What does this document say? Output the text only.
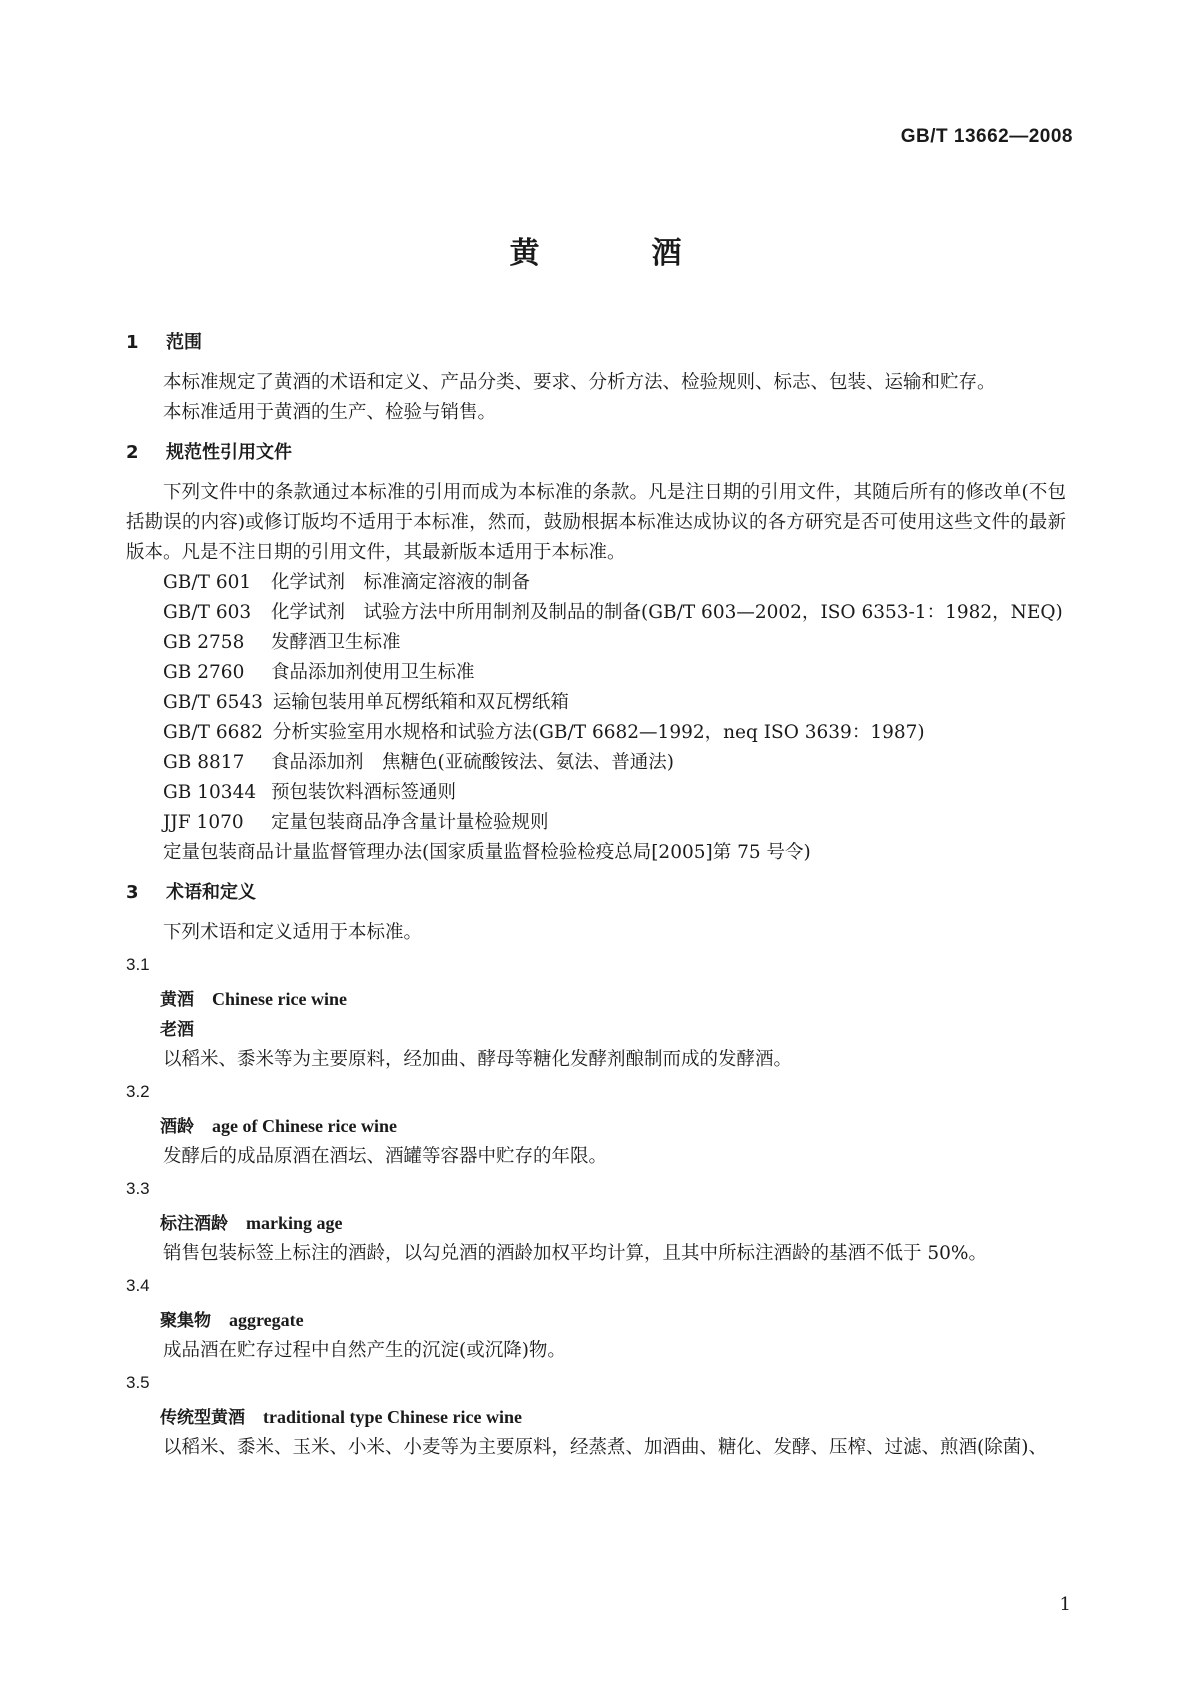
GB/T 13662—2008
黄	酒
1 范围

本标准规定了黄酒的术语和定义、产品分类、要求、分析方法、检验规则、标志、包装、运输和贮存。

本标准适用于黄酒的生产、检验与销售。

2 规范性引用文件

下列文件中的条款通过本标准的引用而成为本标准的条款。凡是注日期的引用文件，其随后所有的修改单(不包括勘误的内容)或修订版均不适用于本标准，然而，鼓励根据本标准达成协议的各方研究是否可使用这些文件的最新版本。凡是不注日期的引用文件，其最新版本适用于本标准。

GB/T 601 化学试剂　标准滴定溶液的制备

GB/T 603 化学试剂　试验方法中所用制剂及制品的制备(GB/T 603—2002，ISO 6353-1：1982，NEQ)

GB 2758 发酵酒卫生标准

GB 2760 食品添加剂使用卫生标准

GB/T 6543 运输包装用单瓦楞纸箱和双瓦楞纸箱

GB/T 6682 分析实验室用水规格和试验方法(GB/T 6682—1992，neq ISO 3639：1987)

GB 8817 食品添加剂　焦糖色(亚硫酸铵法、氨法、普通法)

GB 10344 预包装饮料酒标签通则

JJF 1070 定量包装商品净含量计量检验规则

定量包装商品计量监督管理办法(国家质量监督检验检疫总局[2005]第 75 号令)

3 术语和定义

下列术语和定义适用于本标准。

3.1

黄酒 Chinese rice wine

老酒

以稻米、黍米等为主要原料，经加曲、酵母等糖化发酵剂酿制而成的发酵酒。

3.2

酒龄 age of Chinese rice wine

发酵后的成品原酒在酒坛、酒罐等容器中贮存的年限。

3.3

标注酒龄 marking age

销售包装标签上标注的酒龄，以勾兑酒的酒龄加权平均计算，且其中所标注酒龄的基酒不低于 50%。

3.4

聚集物 aggregate

成品酒在贮存过程中自然产生的沉淀(或沉降)物。

3.5

传统型黄酒 traditional type Chinese rice wine

以稻米、黍米、玉米、小米、小麦等为主要原料，经蒸煮、加酒曲、糖化、发酵、压榨、过滤、煎酒(除菌)、

1
